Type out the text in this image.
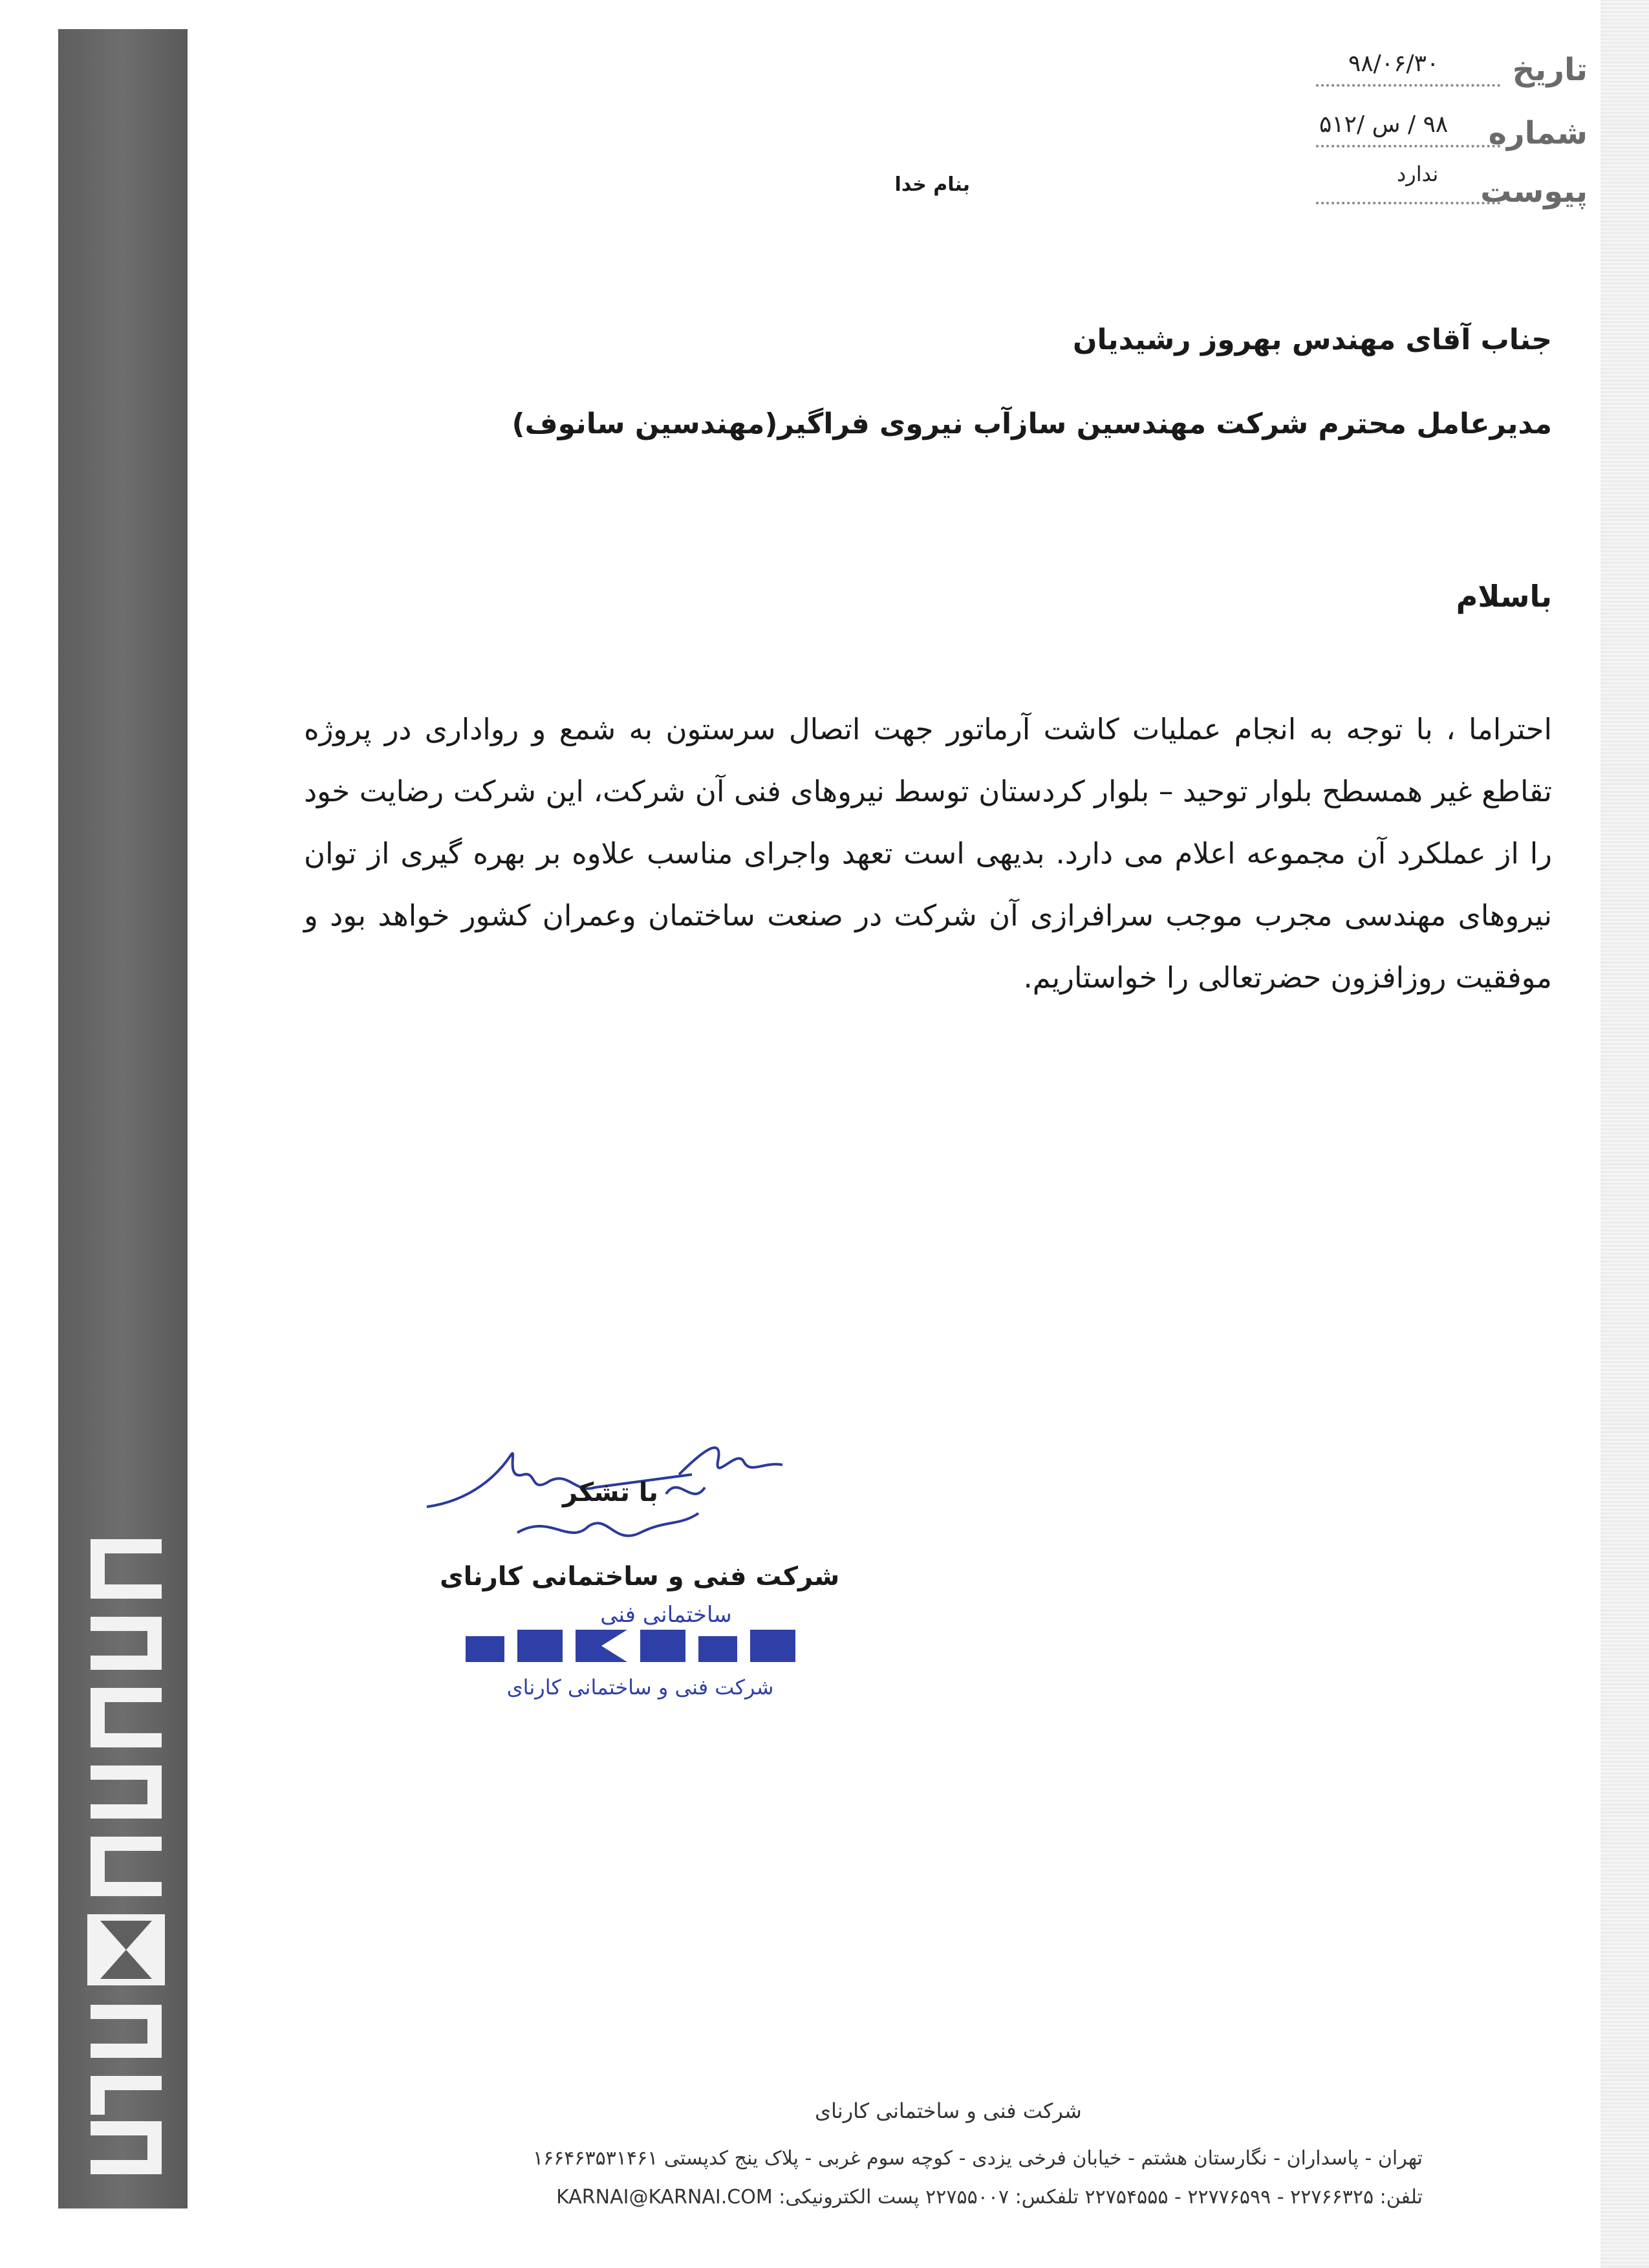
تاریخ
۹۸/۰۶/۳۰
شماره
۹۸ / س /۵۱۲
پیوست
ندارد
بنام خدا
جناب آقای مهندس بهروز رشیدیان
مدیرعامل محترم شرکت مهندسین سازآب نیروی فراگیر(مهندسین سانوف)
باسلام
احتراما ، با توجه به انجام عملیات کاشت آرماتور جهت اتصال سرستون به شمع و رواداری در پروژه تقاطع غیر همسطح بلوار توحید – بلوار کردستان توسط نیروهای فنی آن شرکت، این شرکت رضایت خود را از عملکرد آن مجموعه اعلام می دارد. بدیهی است تعهد واجرای مناسب علاوه بر بهره گیری از توان نیروهای مهندسی مجرب موجب سرافرازی آن شرکت در صنعت ساختمان وعمران کشور خواهد بود و موفقیت روزافزون حضرتعالی را خواستاریم.
با تشکر
شرکت فنی و ساختمانی کارنای
ساختمانی فنی
شرکت فنی و ساختمانی کارنای
شرکت فنی و ساختمانی کارنای
تهران - پاسداران - نگارستان هشتم - خیابان فرخی یزدی - کوچه سوم غربی - پلاک ینج کدپستی ۱۶۶۴۶۳۵۳۱۴۶۱
تلفن: ۲۲۷۶۶۳۲۵ - ۲۲۷۷۶۵۹۹ - ۲۲۷۵۴۵۵۵ تلفکس: ۲۲۷۵۵۰۰۷ پست الکترونیکی: KARNAI@KARNAI.COM
